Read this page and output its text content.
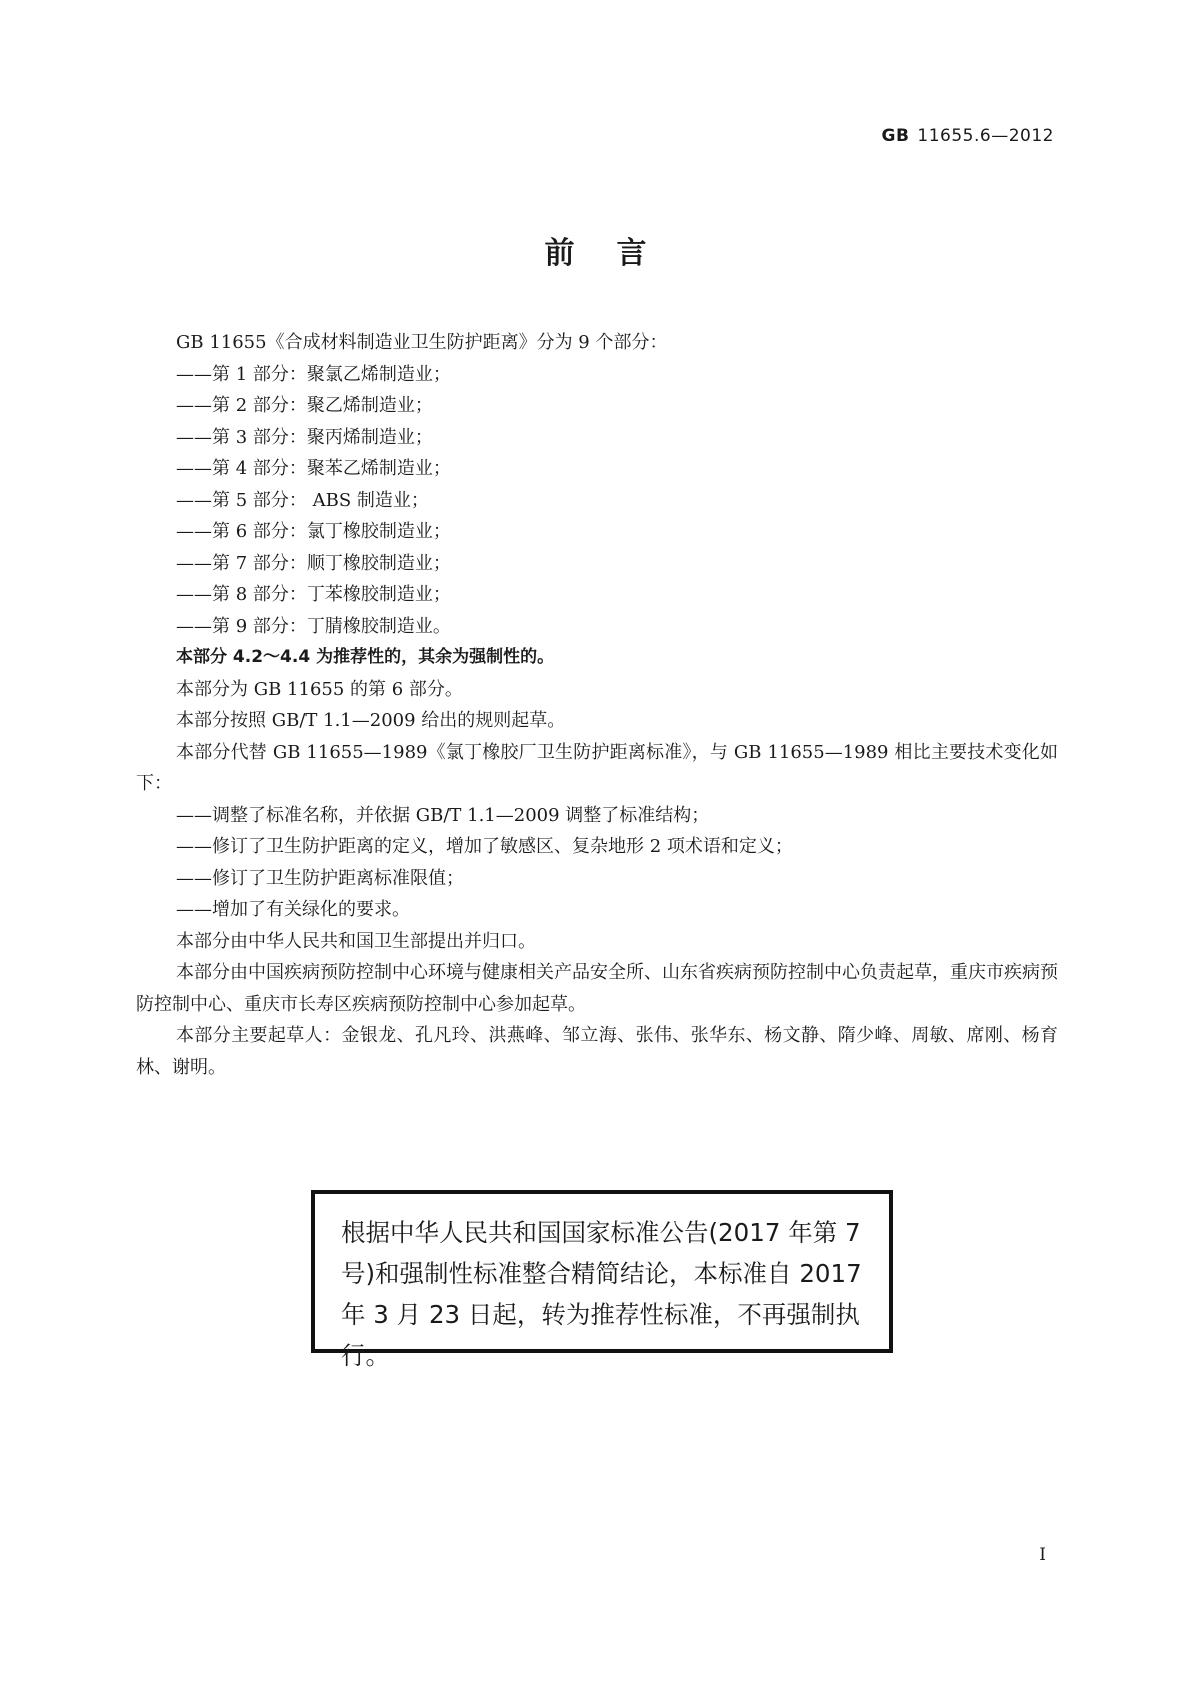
GB 11655.6—2012
前言

GB 11655《合成材料制造业卫生防护距离》分为 9 个部分：

——第 1 部分：聚氯乙烯制造业；

——第 2 部分：聚乙烯制造业；

——第 3 部分：聚丙烯制造业；

——第 4 部分：聚苯乙烯制造业；

——第 5 部分： ABS 制造业；

——第 6 部分：氯丁橡胶制造业；

——第 7 部分：顺丁橡胶制造业；

——第 8 部分：丁苯橡胶制造业；

——第 9 部分：丁腈橡胶制造业。

本部分 4.2～4.4 为推荐性的，其余为强制性的。

本部分为 GB 11655 的第 6 部分。

本部分按照 GB/T 1.1—2009 给出的规则起草。

本部分代替 GB 11655—1989《氯丁橡胶厂卫生防护距离标准》，与 GB 11655—1989 相比主要技术变化如下：

——调整了标准名称，并依据 GB/T 1.1—2009 调整了标准结构；

——修订了卫生防护距离的定义，增加了敏感区、复杂地形 2 项术语和定义；

——修订了卫生防护距离标准限值；

——增加了有关绿化的要求。

本部分由中华人民共和国卫生部提出并归口。

本部分由中国疾病预防控制中心环境与健康相关产品安全所、山东省疾病预防控制中心负责起草，重庆市疾病预防控制中心、重庆市长寿区疾病预防控制中心参加起草。

本部分主要起草人：金银龙、孔凡玲、洪燕峰、邹立海、张伟、张华东、杨文静、隋少峰、周敏、席刚、杨育林、谢明。

根据中华人民共和国国家标准公告(2017 年第 7
号)和强制性标准整合精简结论，本标准自 2017
年 3 月 23 日起，转为推荐性标准，不再强制执行。
I
